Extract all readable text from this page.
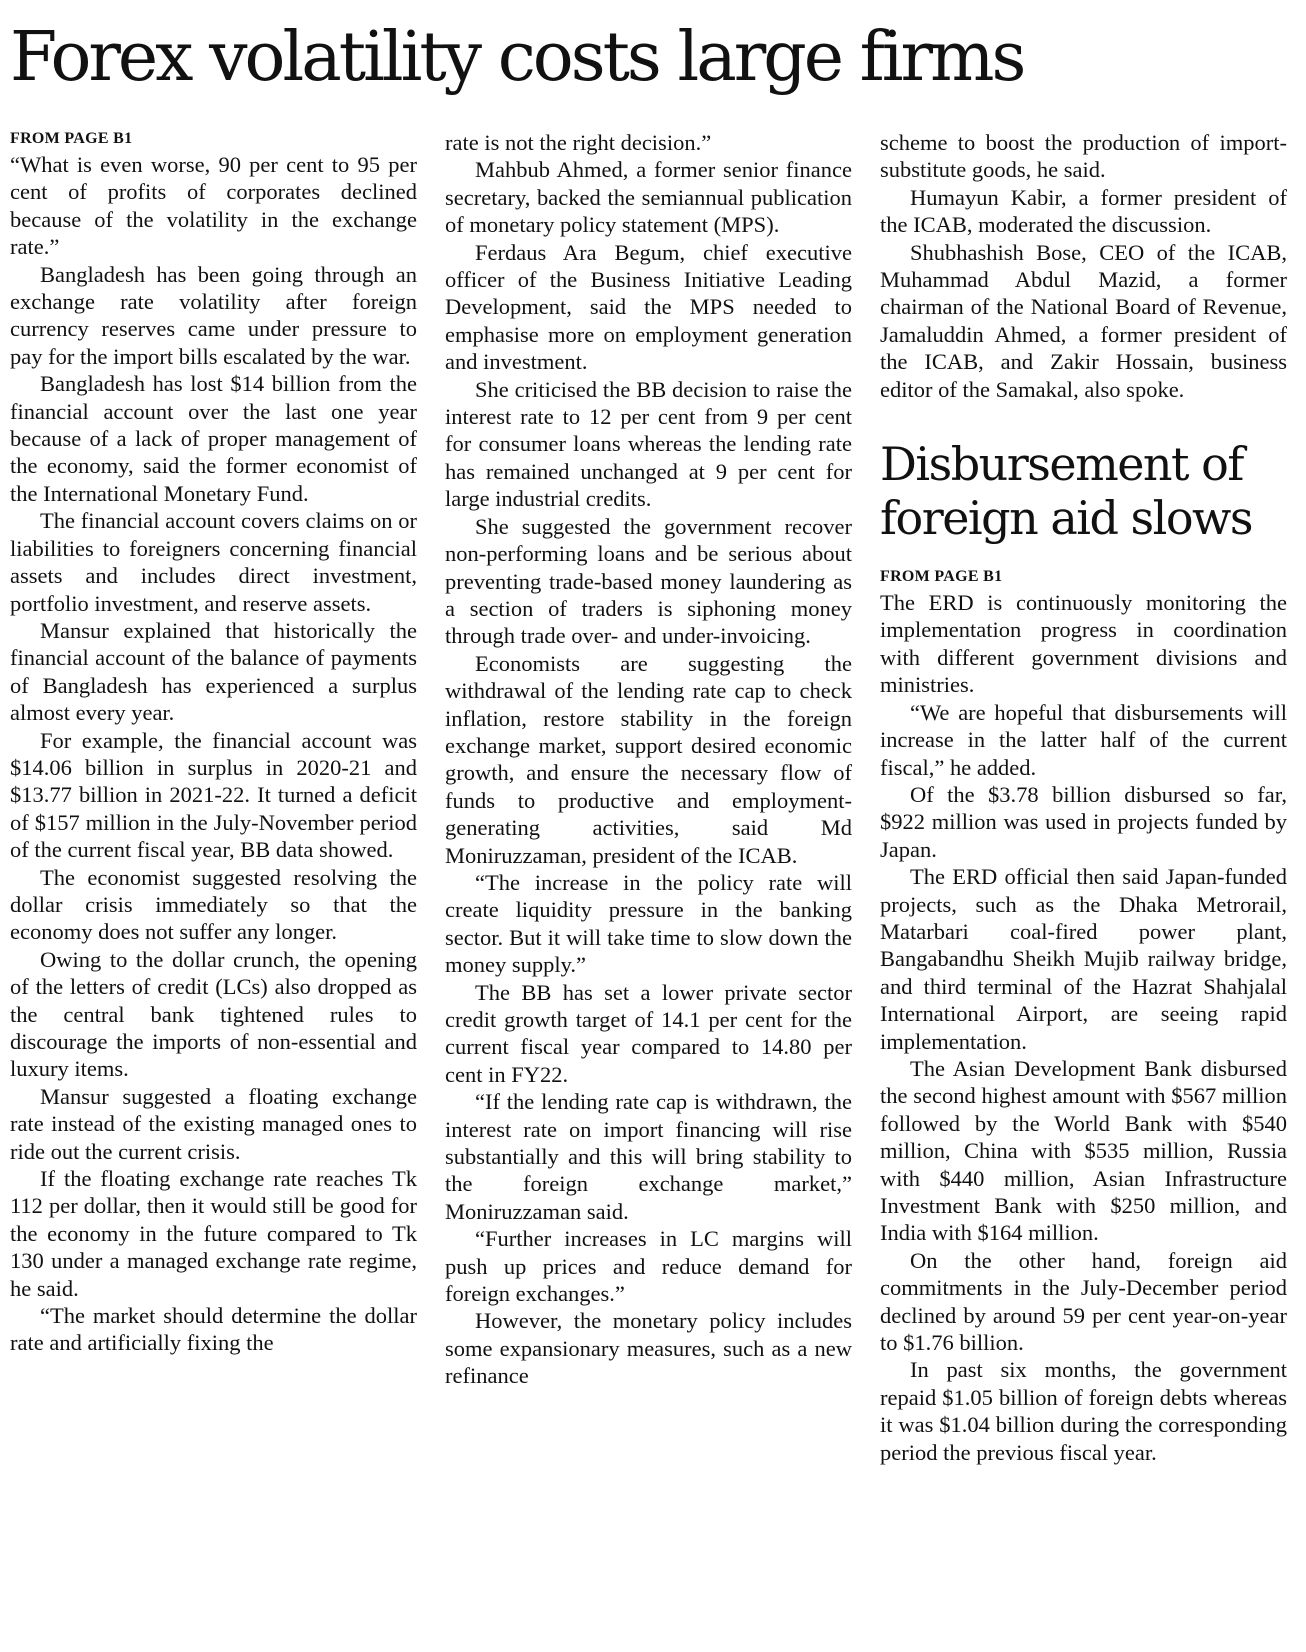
Forex volatility costs large firms
FROM PAGE B1

“What is even worse, 90 per cent to 95 per cent of profits of corporates declined because of the volatility in the exchange rate.”

Bangladesh has been going through an exchange rate volatility after foreign currency reserves came under pressure to pay for the import bills escalated by the war.

Bangladesh has lost $14 billion from the financial account over the last one year because of a lack of proper management of the economy, said the former economist of the International Monetary Fund.

The financial account covers claims on or liabilities to foreigners concerning financial assets and includes direct investment, portfolio investment, and reserve assets.

Mansur explained that historically the financial account of the balance of payments of Bangladesh has experienced a surplus almost every year.

For example, the financial account was $14.06 billion in surplus in 2020-21 and $13.77 billion in 2021-22. It turned a deficit of $157 million in the July-November period of the current fiscal year, BB data showed.

The economist suggested resolving the dollar crisis immediately so that the economy does not suffer any longer.

Owing to the dollar crunch, the opening of the letters of credit (LCs) also dropped as the central bank tightened rules to discourage the imports of non-essential and luxury items.

Mansur suggested a floating exchange rate instead of the existing managed ones to ride out the current crisis.

If the floating exchange rate reaches Tk 112 per dollar, then it would still be good for the economy in the future compared to Tk 130 under a managed exchange rate regime, he said.

“The market should determine the dollar rate and artificially fixing the

rate is not the right decision.”

Mahbub Ahmed, a former senior finance secretary, backed the semiannual publication of monetary policy statement (MPS).

Ferdaus Ara Begum, chief executive officer of the Business Initiative Leading Development, said the MPS needed to emphasise more on employment generation and investment.

She criticised the BB decision to raise the interest rate to 12 per cent from 9 per cent for consumer loans whereas the lending rate has remained unchanged at 9 per cent for large industrial credits.

She suggested the government recover non-performing loans and be serious about preventing trade-based money laundering as a section of traders is siphoning money through trade over- and under-invoicing.

Economists are suggesting the withdrawal of the lending rate cap to check inflation, restore stability in the foreign exchange market, support desired economic growth, and ensure the necessary flow of funds to productive and employment-generating activities, said Md Moniruzzaman, president of the ICAB.

“The increase in the policy rate will create liquidity pressure in the banking sector. But it will take time to slow down the money supply.”

The BB has set a lower private sector credit growth target of 14.1 per cent for the current fiscal year compared to 14.80 per cent in FY22.

“If the lending rate cap is withdrawn, the interest rate on import financing will rise substantially and this will bring stability to the foreign exchange market,” Moniruzzaman said.

“Further increases in LC margins will push up prices and reduce demand for foreign exchanges.”

However, the monetary policy includes some expansionary measures, such as a new refinance

scheme to boost the production of import-substitute goods, he said.

Humayun Kabir, a former president of the ICAB, moderated the discussion.

Shubhashish Bose, CEO of the ICAB, Muhammad Abdul Mazid, a former chairman of the National Board of Revenue, Jamaluddin Ahmed, a former president of the ICAB, and Zakir Hossain, business editor of the Samakal, also spoke.

Disbursement of foreign aid slows
FROM PAGE B1

The ERD is continuously monitoring the implementation progress in coordination with different government divisions and ministries.

“We are hopeful that disbursements will increase in the latter half of the current fiscal,” he added.

Of the $3.78 billion disbursed so far, $922 million was used in projects funded by Japan.

The ERD official then said Japan-funded projects, such as the Dhaka Metrorail, Matarbari coal-fired power plant, Bangabandhu Sheikh Mujib railway bridge, and third terminal of the Hazrat Shahjalal International Airport, are seeing rapid implementation.

The Asian Development Bank disbursed the second highest amount with $567 million followed by the World Bank with $540 million, China with $535 million, Russia with $440 million, Asian Infrastructure Investment Bank with $250 million, and India with $164 million.

On the other hand, foreign aid commitments in the July-December period declined by around 59 per cent year-on-year to $1.76 billion.

In past six months, the government repaid $1.05 billion of foreign debts whereas it was $1.04 billion during the corresponding period the previous fiscal year.
